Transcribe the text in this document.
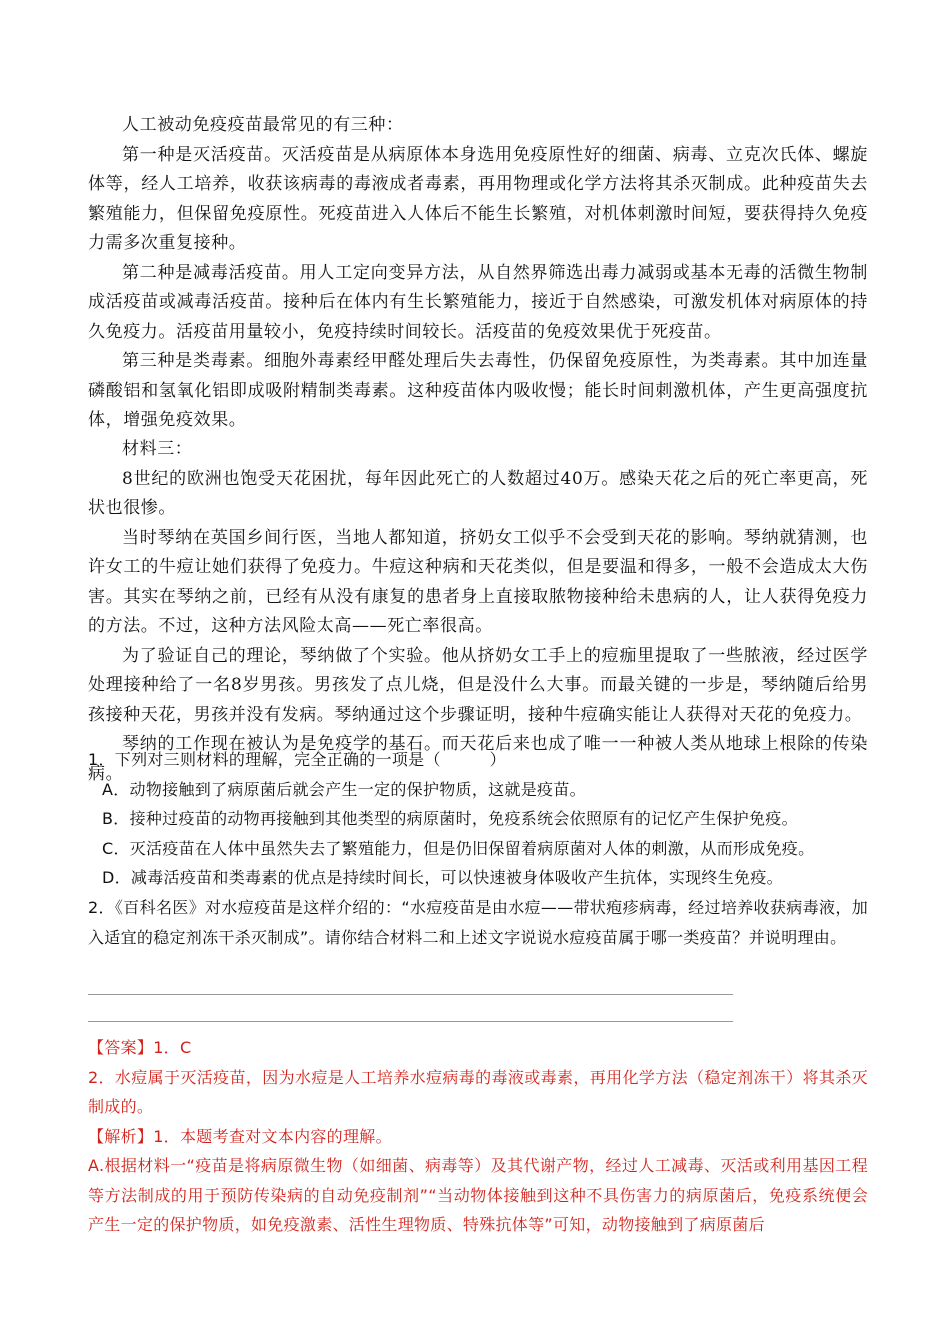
人工被动免疫疫苗最常见的有三种：

第一种是灭活疫苗。灭活疫苗是从病原体本身选用免疫原性好的细菌、病毒、立克次氏体、螺旋体等，经人工培养，收获该病毒的毒液成者毒素，再用物理或化学方法将其杀灭制成。此种疫苗失去繁殖能力，但保留免疫原性。死疫苗进入人体后不能生长繁殖，对机体刺激时间短，要获得持久免疫力需多次重复接种。

第二种是减毒活疫苗。用人工定向变异方法，从自然界筛选出毒力减弱或基本无毒的活微生物制成活疫苗或减毒活疫苗。接种后在体内有生长繁殖能力，接近于自然感染，可激发机体对病原体的持久免疫力。活疫苗用量较小，免疫持续时间较长。活疫苗的免疫效果优于死疫苗。

第三种是类毒素。细胞外毒素经甲醛处理后失去毒性，仍保留免疫原性，为类毒素。其中加连量磷酸铝和氢氧化铝即成吸附精制类毒素。这种疫苗体内吸收慢；能长时间刺激机体，产生更高强度抗体，增强免疫效果。

材料三：

8世纪的欧洲也饱受天花困扰，每年因此死亡的人数超过40万。感染天花之后的死亡率更高，死状也很惨。

当时琴纳在英国乡间行医，当地人都知道，挤奶女工似乎不会受到天花的影响。琴纳就猜测，也许女工的牛痘让她们获得了免疫力。牛痘这种病和天花类似，但是要温和得多，一般不会造成太大伤害。其实在琴纳之前，已经有从没有康复的患者身上直接取脓物接种给未患病的人，让人获得免疫力的方法。不过，这种方法风险太高——死亡率很高。

为了验证自己的理论，琴纳做了个实验。他从挤奶女工手上的痘痂里提取了一些脓液，经过医学处理接种给了一名8岁男孩。男孩发了点儿烧，但是没什么大事。而最关键的一步是，琴纳随后给男孩接种天花，男孩并没有发病。琴纳通过这个步骤证明，接种牛痘确实能让人获得对天花的免疫力。

琴纳的工作现在被认为是免疫学的基石。而天花后来也成了唯一一种被人类从地球上根除的传染病。

1．下列对三则材料的理解，完全正确的一项是（　　　）

A．动物接触到了病原菌后就会产生一定的保护物质，这就是疫苗。

B．接种过疫苗的动物再接触到其他类型的病原菌时，免疫系统会依照原有的记忆产生保护免疫。

C．灭活疫苗在人体中虽然失去了繁殖能力，但是仍旧保留着病原菌对人体的刺激，从而形成免疫。

D．减毒活疫苗和类毒素的优点是持续时间长，可以快速被身体吸收产生抗体，实现终生免疫。

2．《百科名医》对水痘疫苗是这样介绍的：“水痘疫苗是由水痘——带状疱疹病毒，经过培养收获病毒液，加入适宜的稳定剂冻干杀灭制成”。请你结合材料二和上述文字说说水痘疫苗属于哪一类疫苗？并说明理由。

【答案】1．C

2．水痘属于灭活疫苗，因为水痘是人工培养水痘病毒的毒液或毒素，再用化学方法（稳定剂冻干）将其杀灭制成的。

【解析】1．本题考查对文本内容的理解。

A.根据材料一“疫苗是将病原微生物（如细菌、病毒等）及其代谢产物，经过人工减毒、灭活或利用基因工程等方法制成的用于预防传染病的自动免疫制剂”“当动物体接触到这种不具伤害力的病原菌后，免疫系统便会产生一定的保护物质，如免疫激素、活性生理物质、特殊抗体等”可知，动物接触到了病原菌后
